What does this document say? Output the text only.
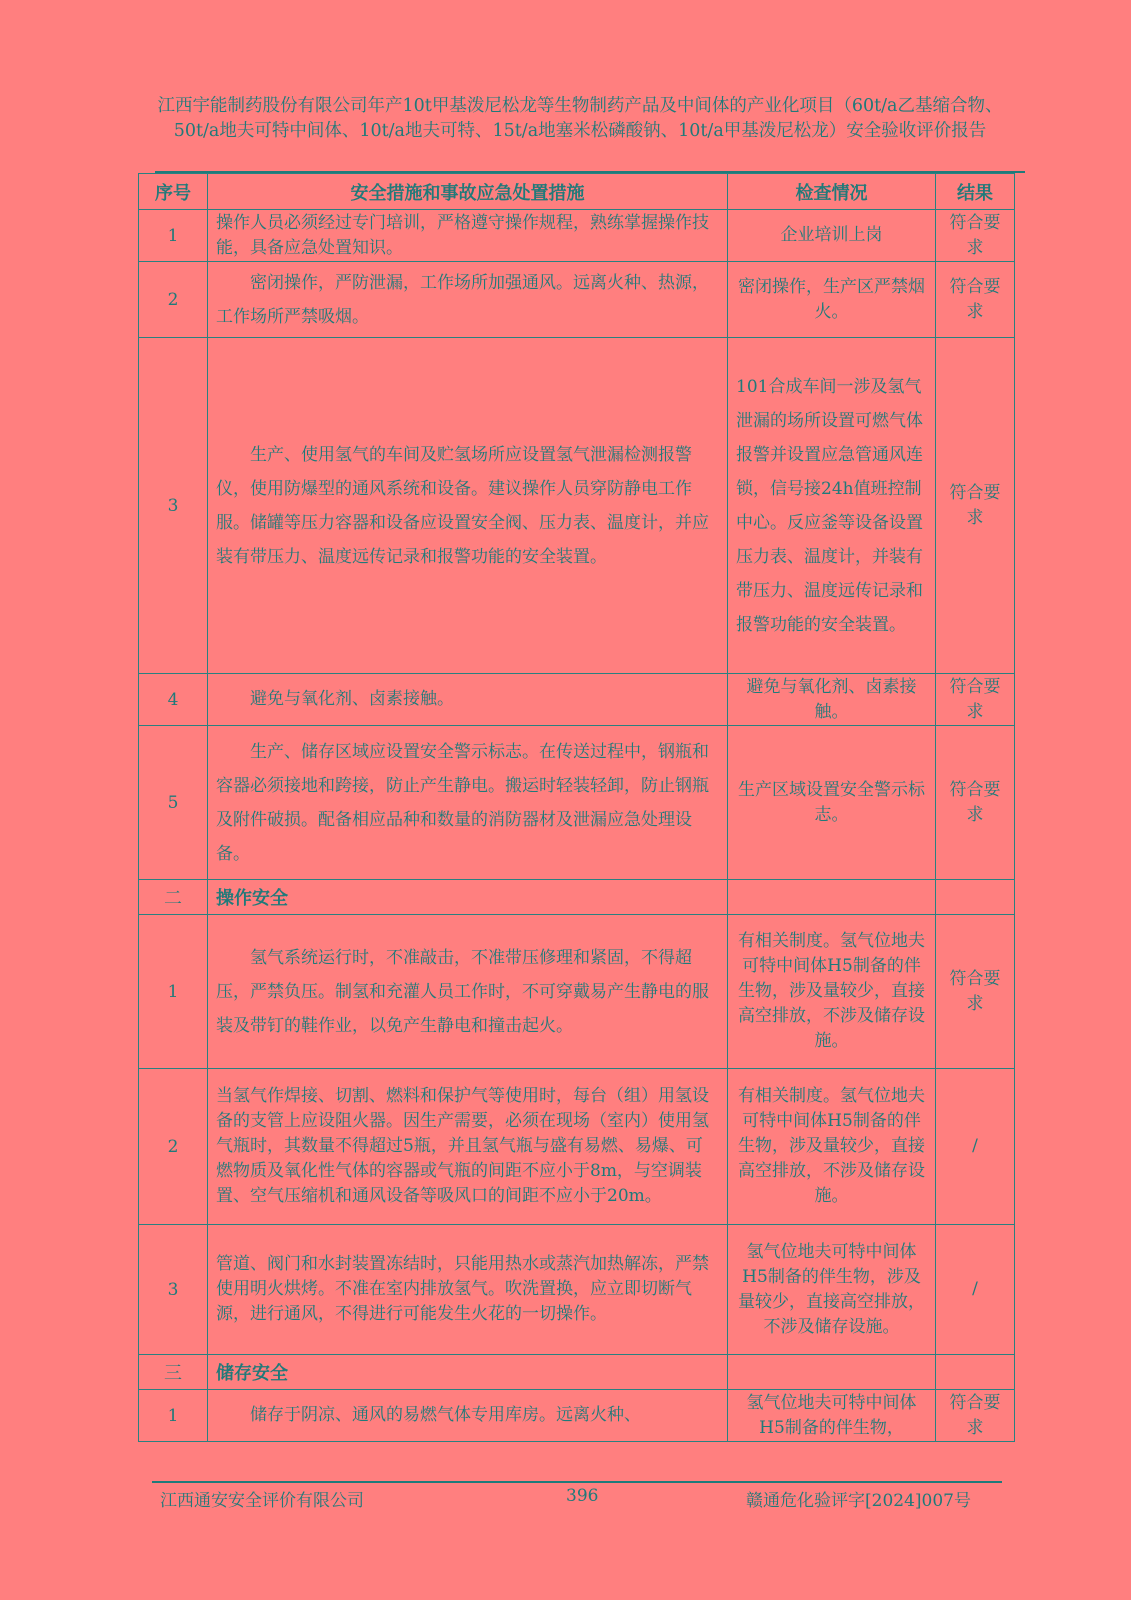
江西宇能制药股份有限公司年产10t甲基泼尼松龙等生物制药产品及中间体的产业化项目（60t/a乙基缩合物、50t/a地夫可特中间体、10t/a地夫可特、15t/a地塞米松磷酸钠、10t/a甲基泼尼松龙）安全验收评价报告
序号	安全措施和事故应急处置措施	检查情况	结果
1	操作人员必须经过专门培训，严格遵守操作规程，熟练掌握操作技能，具备应急处置知识。	企业培训上岗	符合要求
2	密闭操作，严防泄漏，工作场所加强通风。远离火种、热源，工作场所严禁吸烟。	密闭操作，生产区严禁烟火。	符合要求
3	生产、使用氢气的车间及贮氢场所应设置氢气泄漏检测报警仪，使用防爆型的通风系统和设备。建议操作人员穿防静电工作服。储罐等压力容器和设备应设置安全阀、压力表、温度计，并应装有带压力、温度远传记录和报警功能的安全装置。	101合成车间一涉及氢气泄漏的场所设置可燃气体报警并设置应急管通风连锁，信号接24h值班控制中心。反应釜等设备设置压力表、温度计，并装有带压力、温度远传记录和报警功能的安全装置。	符合要求
4	避免与氧化剂、卤素接触。	避免与氧化剂、卤素接触。	符合要求
5	生产、储存区域应设置安全警示标志。在传送过程中，钢瓶和容器必须接地和跨接，防止产生静电。搬运时轻装轻卸，防止钢瓶及附件破损。配备相应品种和数量的消防器材及泄漏应急处理设备。	生产区域设置安全警示标志。	符合要求
二	操作安全		
1	氢气系统运行时，不准敲击，不准带压修理和紧固，不得超压，严禁负压。制氢和充灌人员工作时，不可穿戴易产生静电的服装及带钉的鞋作业，以免产生静电和撞击起火。	有相关制度。氢气位地夫可特中间体H5制备的伴生物，涉及量较少，直接高空排放，不涉及储存设施。	符合要求
2	当氢气作焊接、切割、燃料和保护气等使用时，每台（组）用氢设备的支管上应设阻火器。因生产需要，必须在现场（室内）使用氢气瓶时，其数量不得超过5瓶，并且氢气瓶与盛有易燃、易爆、可燃物质及氧化性气体的容器或气瓶的间距不应小于8m，与空调装置、空气压缩机和通风设备等吸风口的间距不应小于20m。	有相关制度。氢气位地夫可特中间体H5制备的伴生物，涉及量较少，直接高空排放，不涉及储存设施。	/
3	管道、阀门和水封装置冻结时，只能用热水或蒸汽加热解冻，严禁使用明火烘烤。不准在室内排放氢气。吹洗置换，应立即切断气源，进行通风，不得进行可能发生火花的一切操作。	氢气位地夫可特中间体H5制备的伴生物，涉及量较少，直接高空排放，不涉及储存设施。	/
三	储存安全		
1	储存于阴凉、通风的易燃气体专用库房。远离火种、	氢气位地夫可特中间体H5制备的伴生物，	符合要求
江西通安安全评价有限公司	396	赣通危化验评字[2024]007号
